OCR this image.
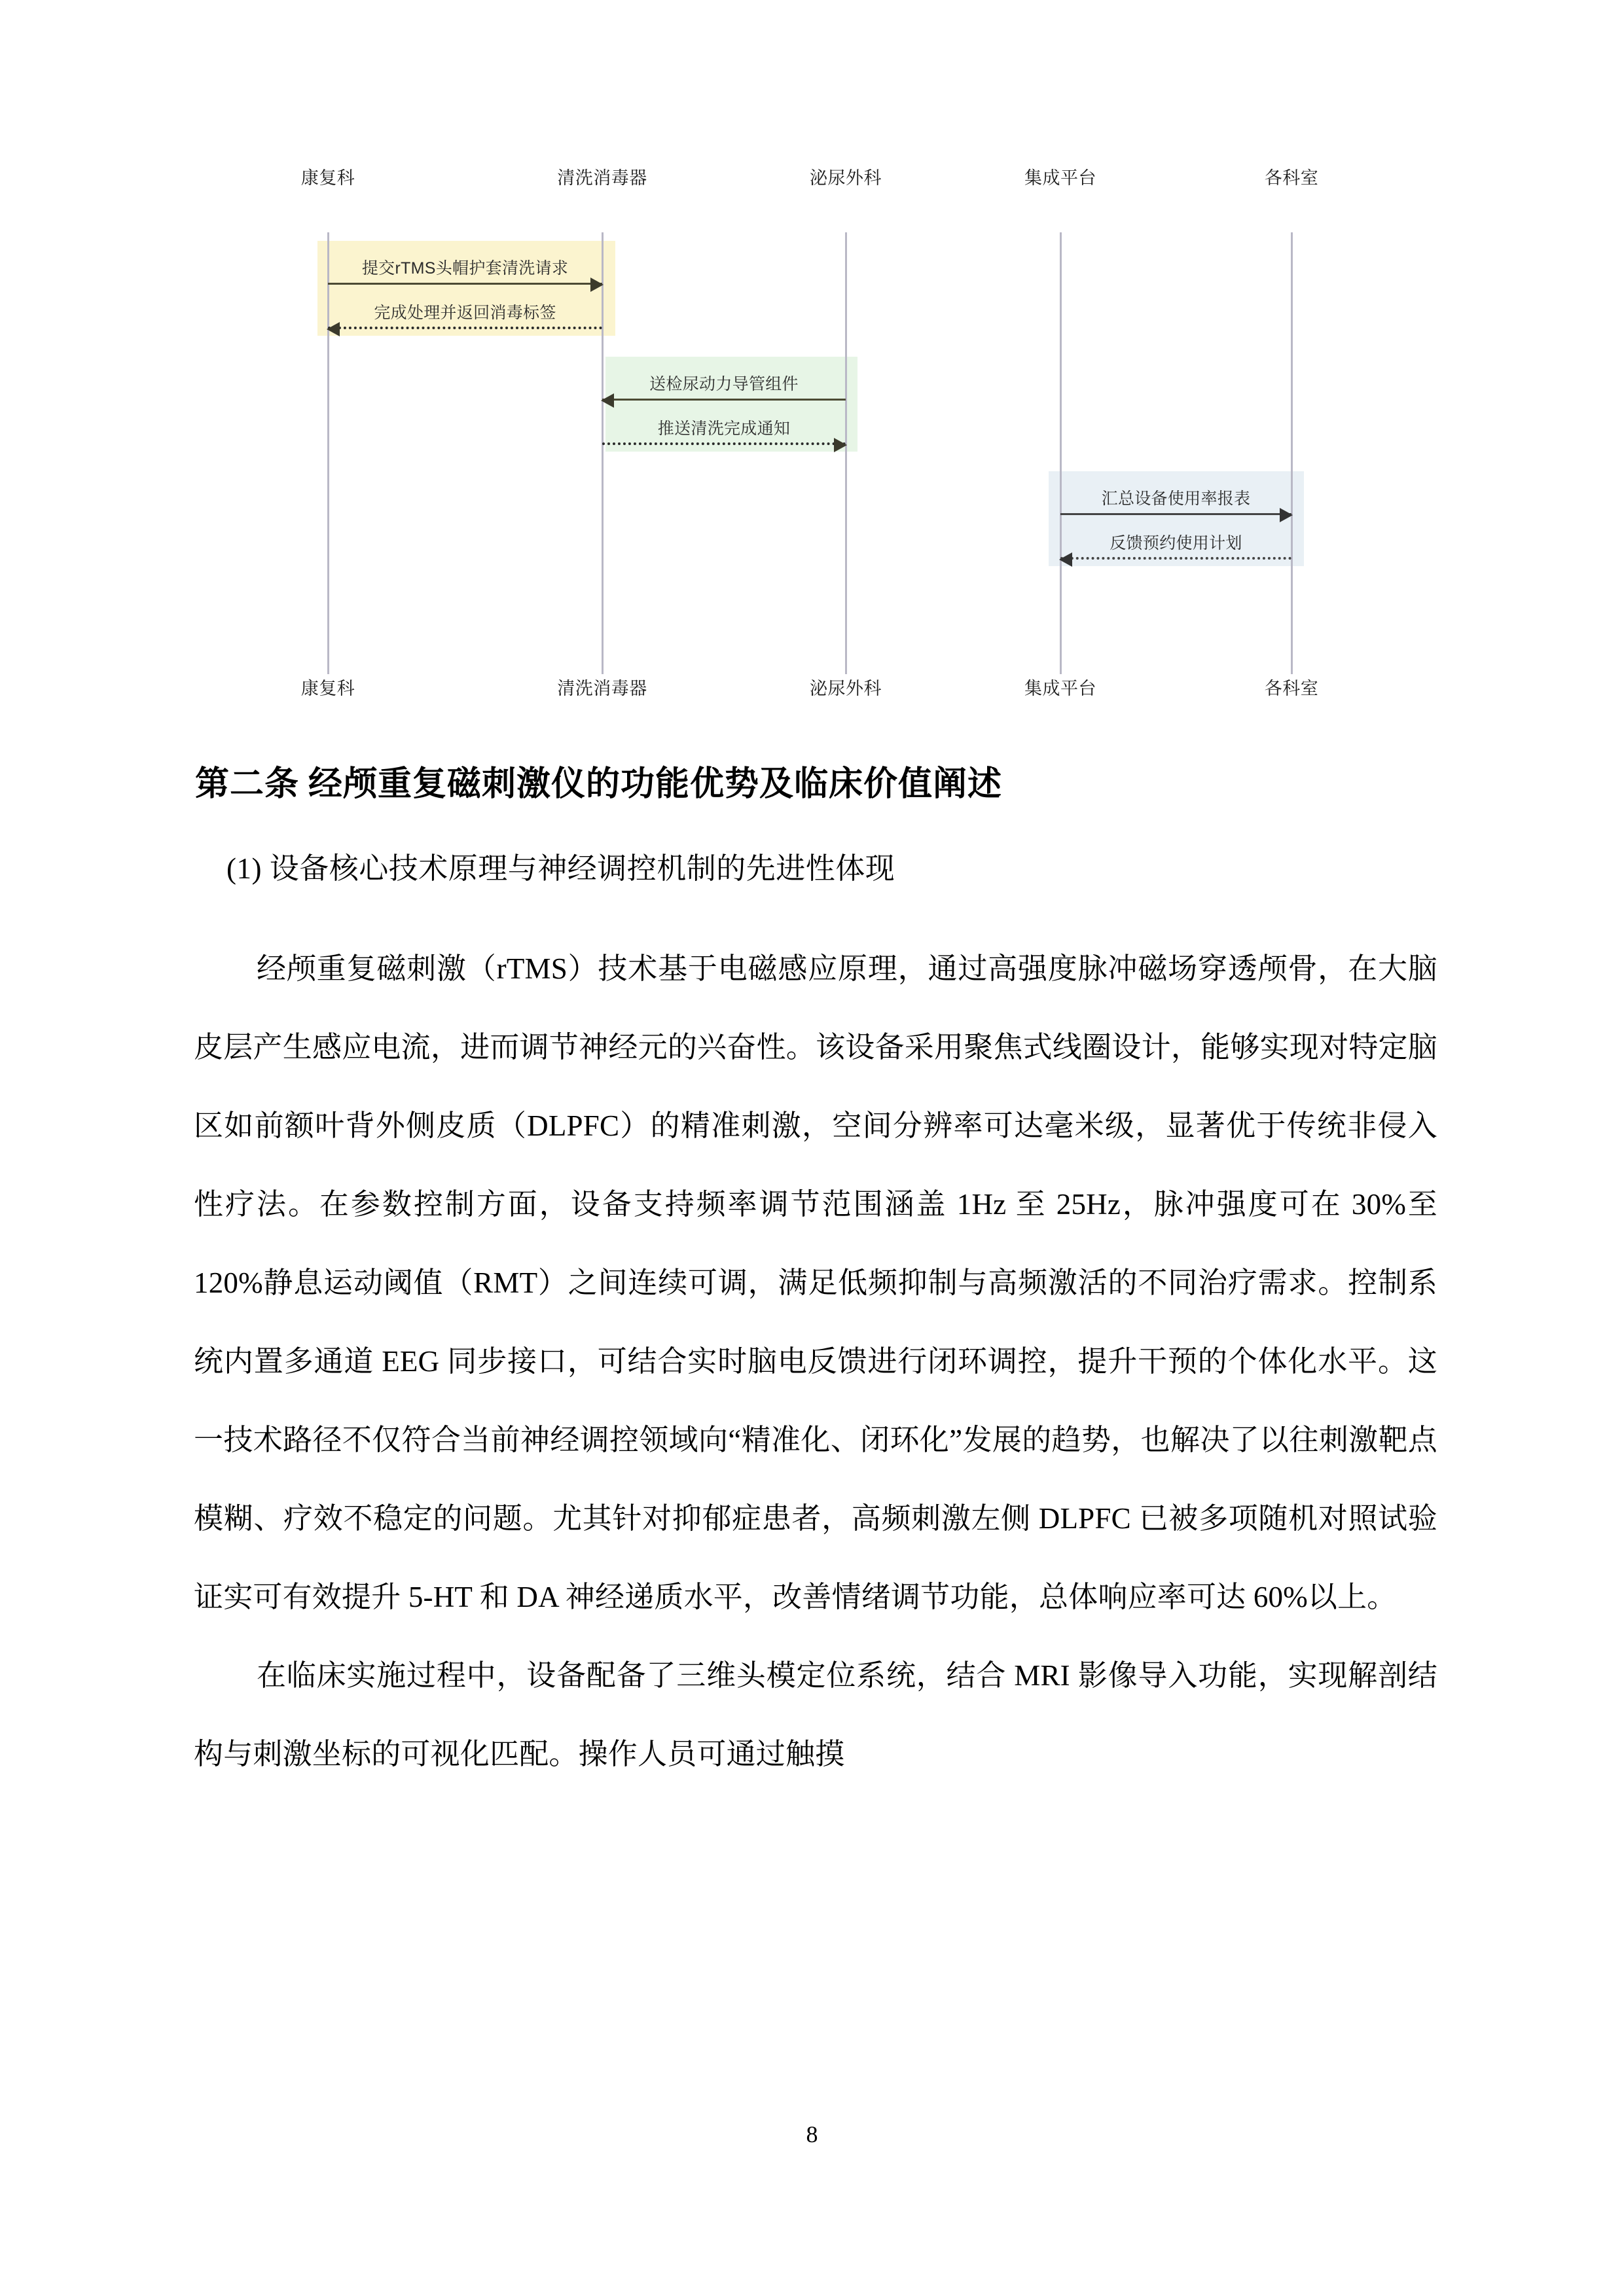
康复科
康复科
清洗消毒器
清洗消毒器
泌尿外科
泌尿外科
集成平台
集成平台
各科室
各科室
提交rTMS头帽护套清洗请求
完成处理并返回消毒标签
送检尿动力导管组件
推送清洗完成通知
汇总设备使用率报表
反馈预约使用计划
第二条 经颅重复磁刺激仪的功能优势及临床价值阐述
(1) 设备核心技术原理与神经调控机制的先进性体现

经颅重复磁刺激（rTMS）技术基于电磁感应原理，通过高强度脉冲磁场穿透颅骨，在大脑皮层产生感应电流，进而调节神经元的兴奋性。该设备采用聚焦式线圈设计，能够实现对特定脑区如前额叶背外侧皮质（DLPFC）的精准刺激，空间分辨率可达毫米级，显著优于传统非侵入性疗法。在参数控制方面，设备支持频率调节范围涵盖 1Hz 至 25Hz，脉冲强度可在 30%至 120%静息运动阈值（RMT）之间连续可调，满足低频抑制与高频激活的不同治疗需求。控制系统内置多通道 EEG 同步接口，可结合实时脑电反馈进行闭环调控，提升干预的个体化水平。这一技术路径不仅符合当前神经调控领域向“精准化、闭环化”发展的趋势，也解决了以往刺激靶点模糊、疗效不稳定的问题。尤其针对抑郁症患者，高频刺激左侧 DLPFC 已被多项随机对照试验证实可有效提升 5-HT 和 DA 神经递质水平，改善情绪调节功能，总体响应率可达 60%以上。

在临床实施过程中，设备配备了三维头模定位系统，结合 MRI 影像导入功能，实现解剖结构与刺激坐标的可视化匹配。操作人员可通过触摸

8
